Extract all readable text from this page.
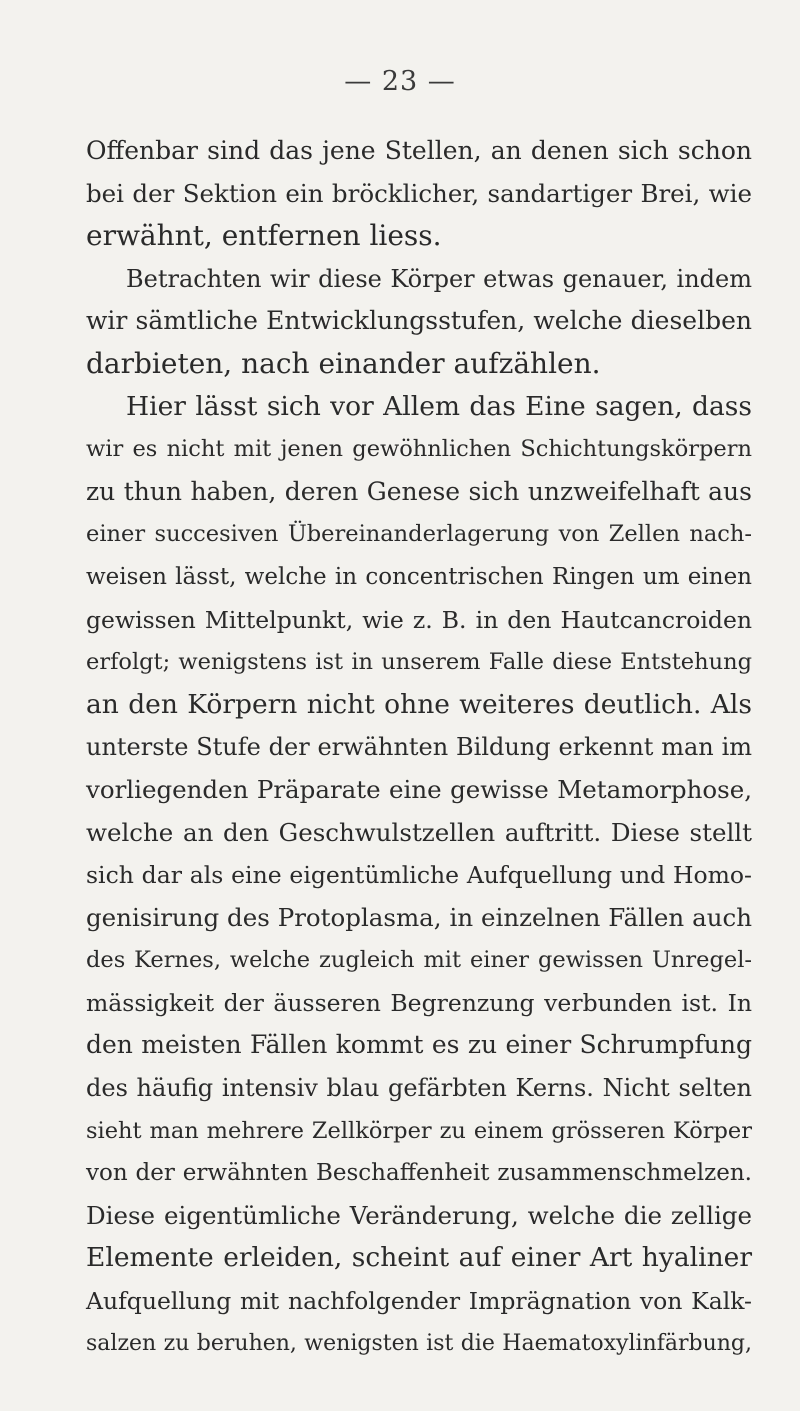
— 23 —
Offenbar sind das jene Stellen, an denen sich schon
bei der Sektion ein bröcklicher, sandartiger Brei, wie
erwähnt, entfernen liess.
Betrachten wir diese Körper etwas genauer, indem
wir sämtliche Entwicklungsstufen, welche dieselben
darbieten, nach einander aufzählen.
Hier lässt sich vor Allem das Eine sagen, dass
wir es nicht mit jenen gewöhnlichen Schichtungskörpern
zu thun haben, deren Genese sich unzweifelhaft aus
einer succesiven Übereinanderlagerung von Zellen nach-
weisen lässt, welche in concentrischen Ringen um einen
gewissen Mittelpunkt, wie z. B. in den Hautcancroiden
erfolgt; wenigstens ist in unserem Falle diese Entstehung
an den Körpern nicht ohne weiteres deutlich. Als
unterste Stufe der erwähnten Bildung erkennt man im
vorliegenden Präparate eine gewisse Metamorphose,
welche an den Geschwulstzellen auftritt. Diese stellt
sich dar als eine eigentümliche Aufquellung und Homo-
genisirung des Protoplasma, in einzelnen Fällen auch
des Kernes, welche zugleich mit einer gewissen Unregel-
mässigkeit der äusseren Begrenzung verbunden ist. In
den meisten Fällen kommt es zu einer Schrumpfung
des häufig intensiv blau gefärbten Kerns. Nicht selten
sieht man mehrere Zellkörper zu einem grösseren Körper
von der erwähnten Beschaffenheit zusammenschmelzen.
Diese eigentümliche Veränderung, welche die zellige
Elemente erleiden, scheint auf einer Art hyaliner
Aufquellung mit nachfolgender Imprägnation von Kalk-
salzen zu beruhen, wenigsten ist die Haematoxylinfärbung,
